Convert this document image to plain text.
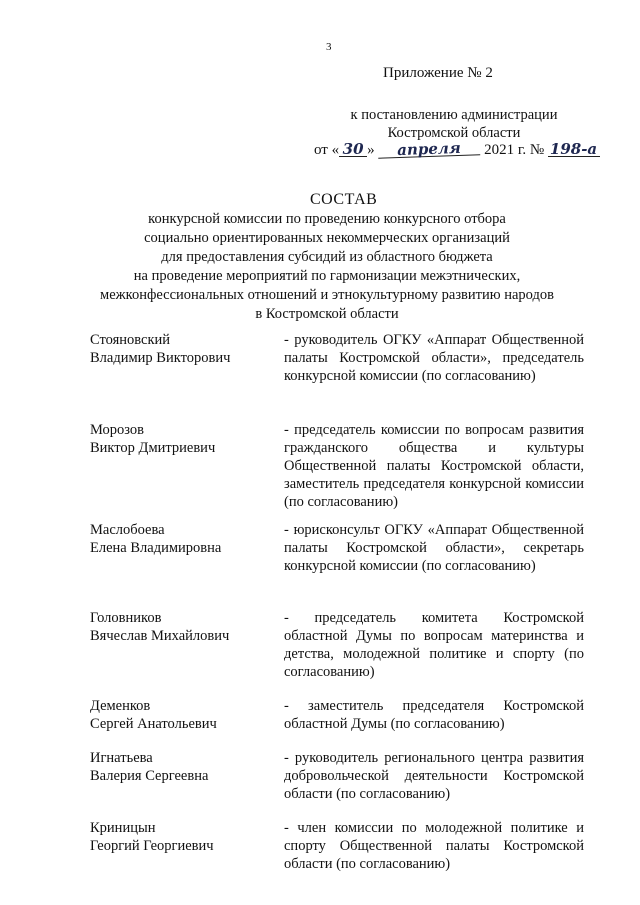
3
Приложение № 2
к постановлению администрации
Костромской области
от « 30 » апреля 2021 г. № 198-а
СОСТАВ
конкурсной комиссии по проведению конкурсного отбора
социально ориентированных некоммерческих организаций
для предоставления субсидий из областного бюджета
на проведение мероприятий по гармонизации межэтнических,
межконфессиональных отношений и этнокультурному развитию народов
в Костромской области
Стояновский
Владимир Викторович
- руководитель ОГКУ «Аппарат Общественной палаты Костромской области», председатель конкурсной комиссии (по согласованию)
Морозов
Виктор Дмитриевич
- председатель комиссии по вопросам развития гражданского общества и культуры Общественной палаты Костромской области, заместитель председателя конкурсной комиссии (по согласованию)
Маслобоева
Елена Владимировна
- юрисконсульт ОГКУ «Аппарат Общественной палаты Костромской области», секретарь конкурсной комиссии (по согласованию)
Головников
Вячеслав Михайлович
- председатель комитета Костромской областной Думы по вопросам материнства и детства, молодежной политике и спорту (по согласованию)
Деменков
Сергей Анатольевич
- заместитель председателя Костромской областной Думы (по согласованию)
Игнатьева
Валерия Сергеевна
- руководитель регионального центра развития добровольческой деятельности Костромской области (по согласованию)
Криницын
Георгий Георгиевич
- член комиссии по молодежной политике и спорту Общественной палаты Костромской области (по согласованию)
